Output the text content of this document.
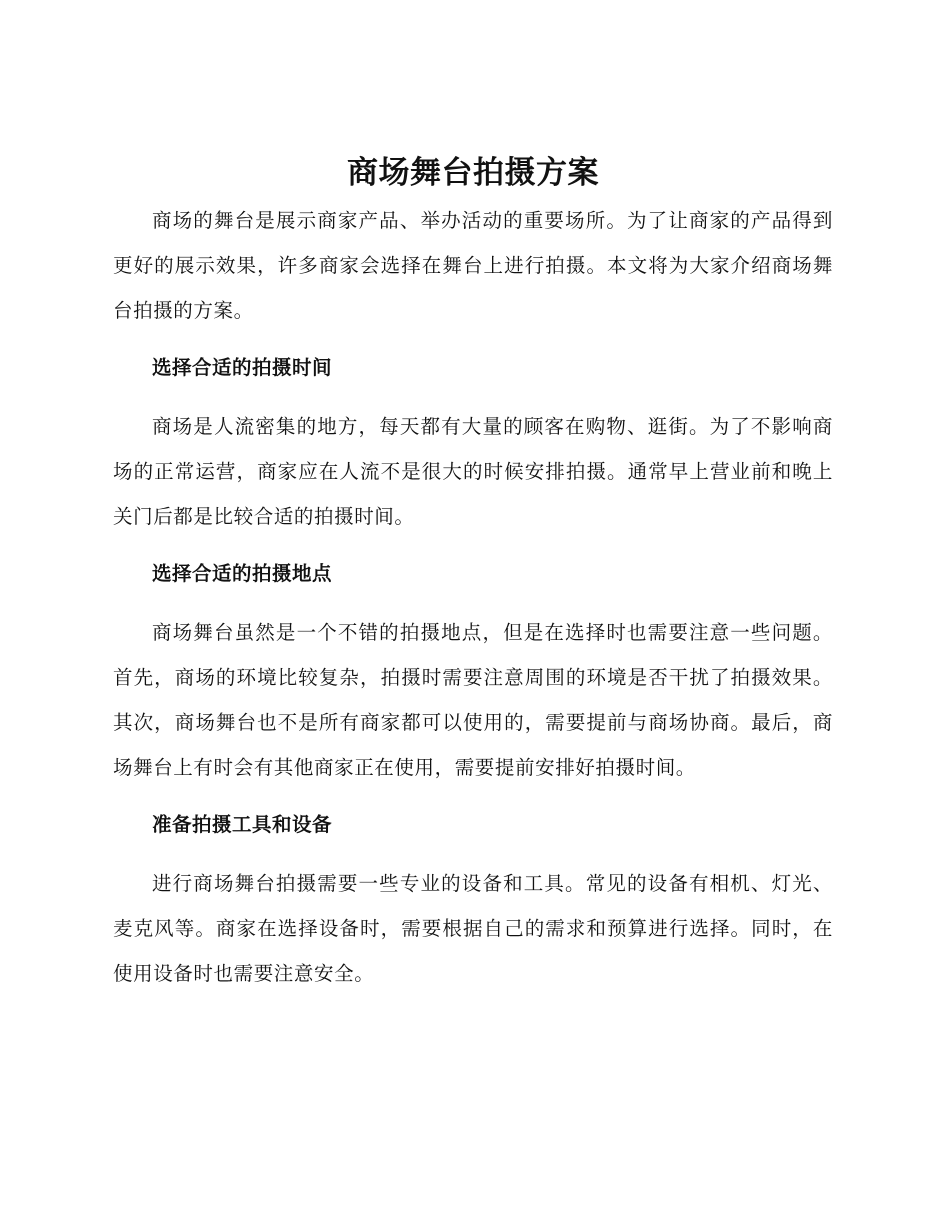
商场舞台拍摄方案

商场的舞台是展示商家产品、举办活动的重要场所。为了让商家的产品得到更好的展示效果，许多商家会选择在舞台上进行拍摄。本文将为大家介绍商场舞台拍摄的方案。

选择合适的拍摄时间

商场是人流密集的地方，每天都有大量的顾客在购物、逛街。为了不影响商场的正常运营，商家应在人流不是很大的时候安排拍摄。通常早上营业前和晚上关门后都是比较合适的拍摄时间。

选择合适的拍摄地点

商场舞台虽然是一个不错的拍摄地点，但是在选择时也需要注意一些问题。首先，商场的环境比较复杂，拍摄时需要注意周围的环境是否干扰了拍摄效果。其次，商场舞台也不是所有商家都可以使用的，需要提前与商场协商。最后，商场舞台上有时会有其他商家正在使用，需要提前安排好拍摄时间。

准备拍摄工具和设备

进行商场舞台拍摄需要一些专业的设备和工具。常见的设备有相机、灯光、麦克风等。商家在选择设备时，需要根据自己的需求和预算进行选择。同时，在使用设备时也需要注意安全。
